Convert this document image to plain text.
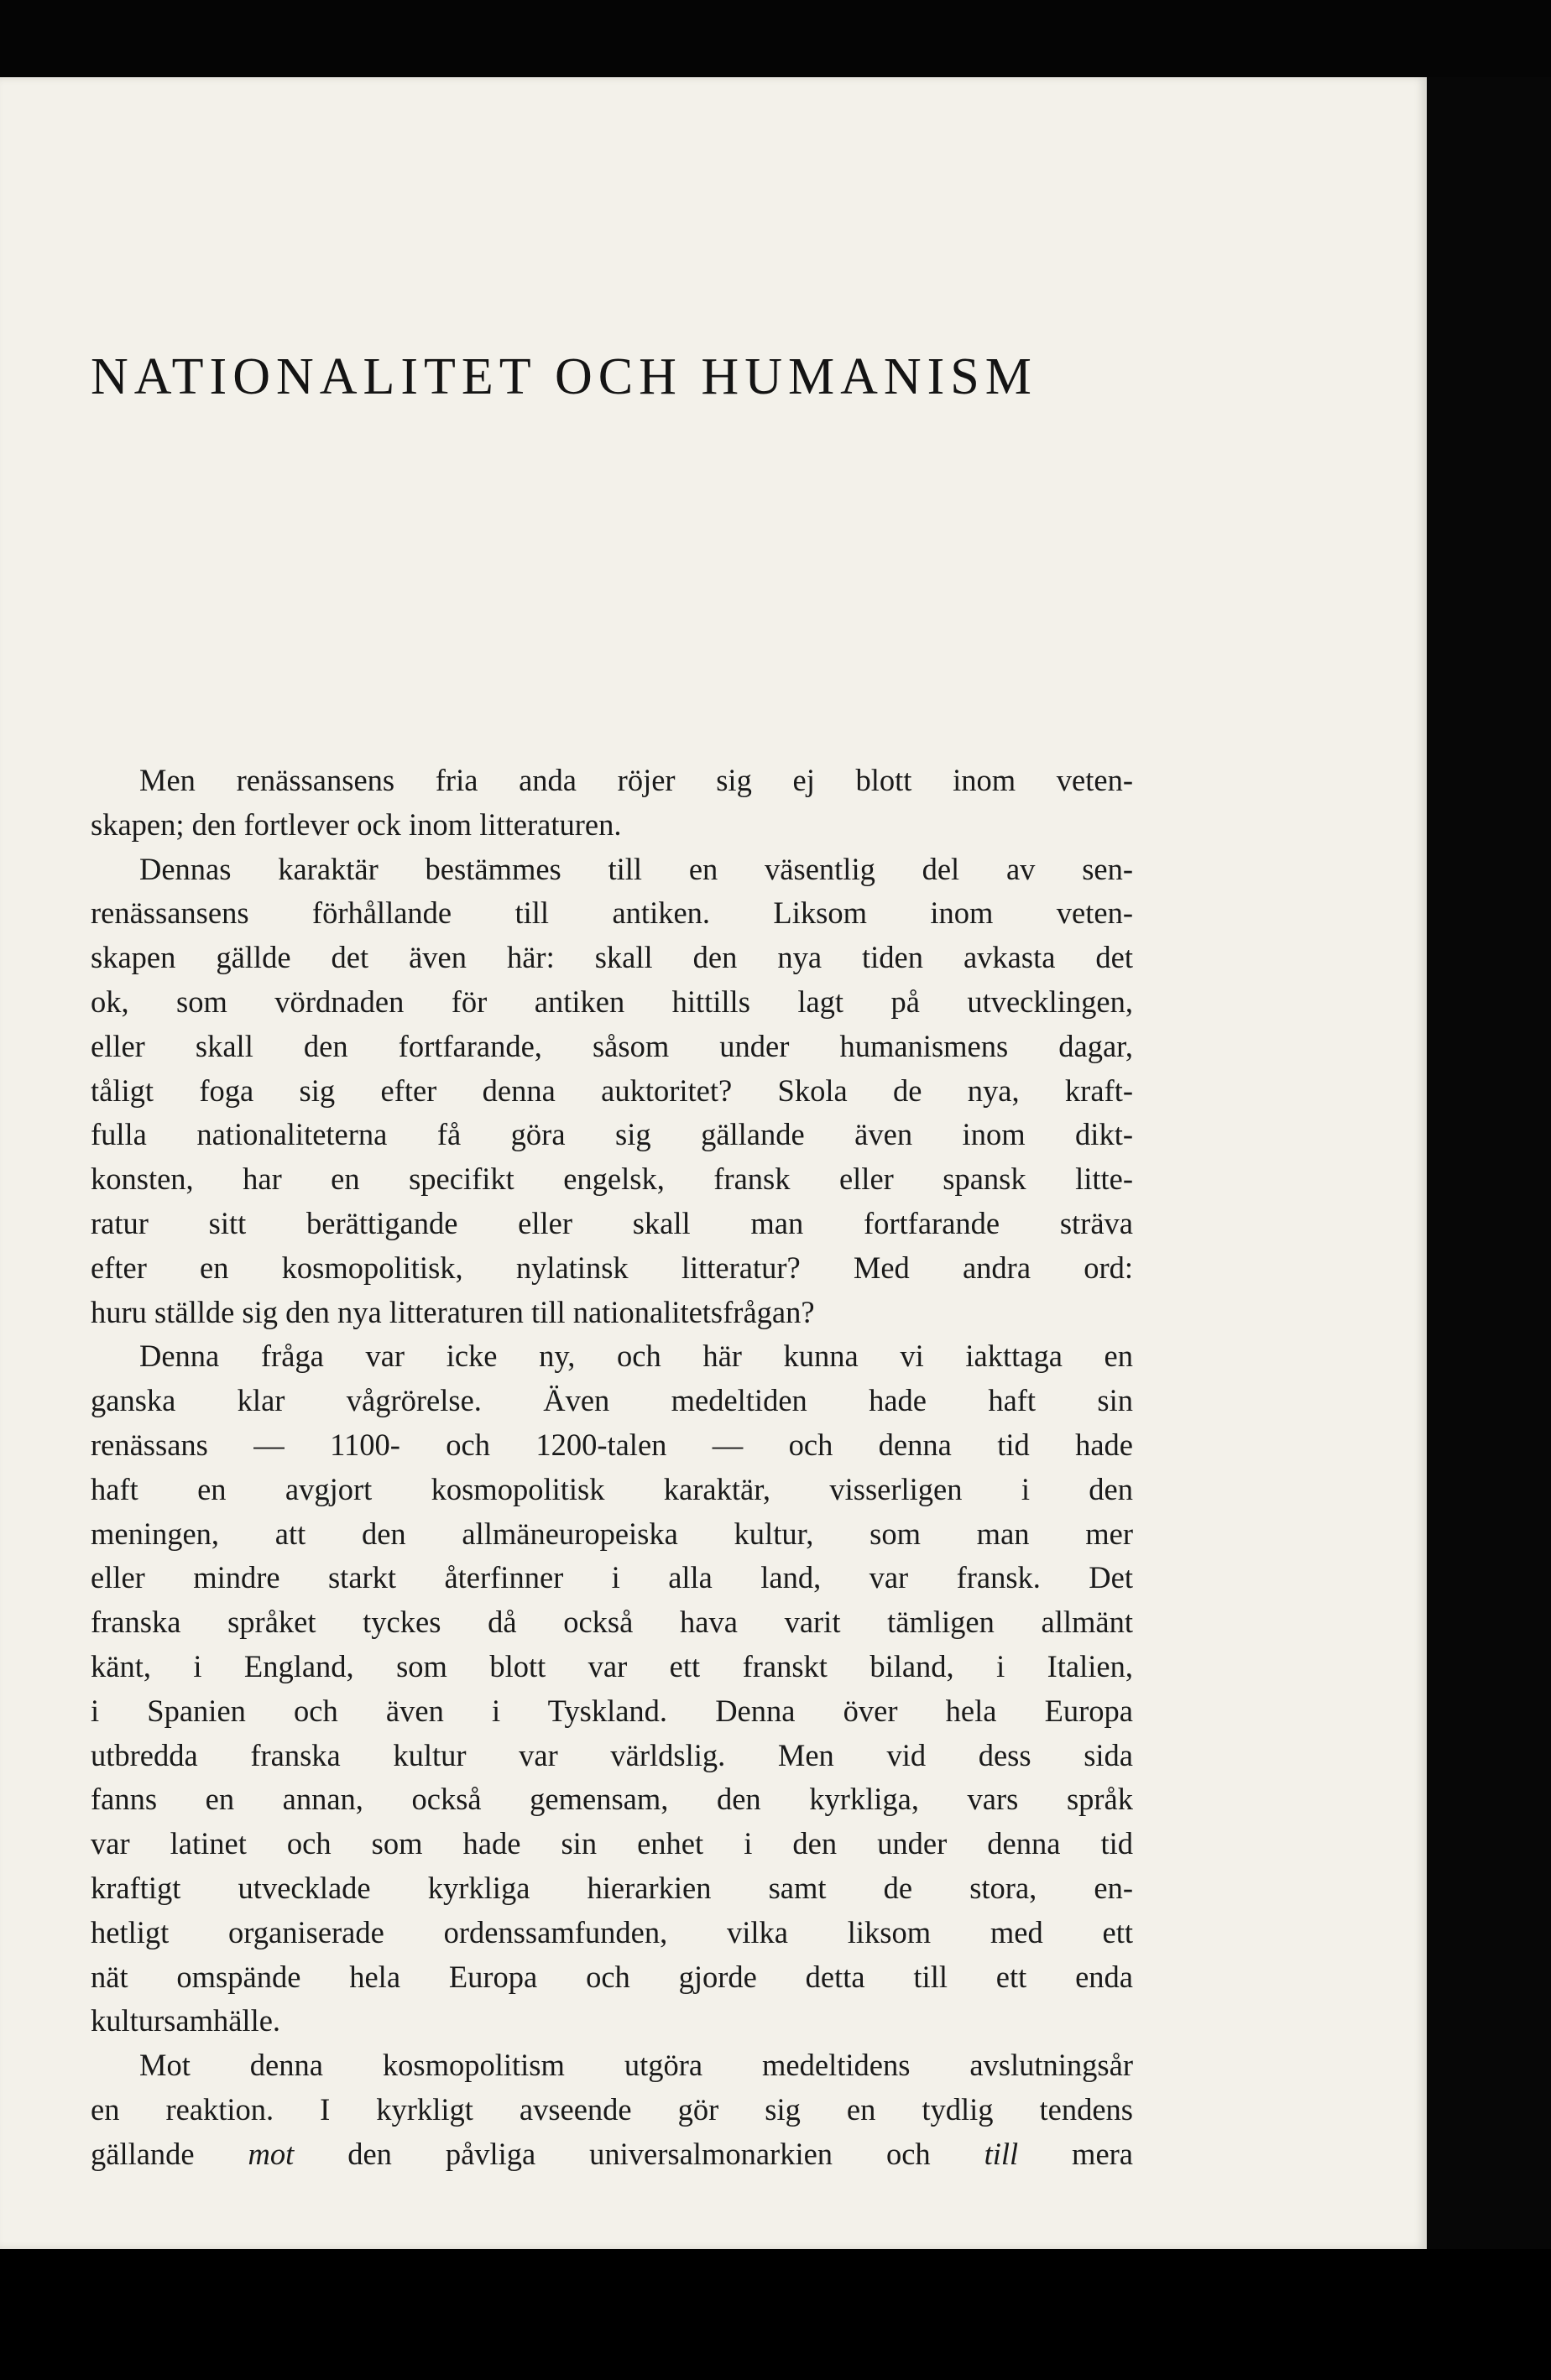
NATIONALITET OCH HUMANISM
Men renässansens fria anda röjer sig ej blott inom veten-
skapen; den fortlever ock inom litteraturen.
Dennas karaktär bestämmes till en väsentlig del av sen-
renässansens förhållande till antiken. Liksom inom veten-
skapen gällde det även här: skall den nya tiden avkasta det
ok, som vördnaden för antiken hittills lagt på utvecklingen,
eller skall den fortfarande, såsom under humanismens dagar,
tåligt foga sig efter denna auktoritet? Skola de nya, kraft-
fulla nationaliteterna få göra sig gällande även inom dikt-
konsten, har en specifikt engelsk, fransk eller spansk litte-
ratur sitt berättigande eller skall man fortfarande sträva
efter en kosmopolitisk, nylatinsk litteratur? Med andra ord:
huru ställde sig den nya litteraturen till nationalitetsfrågan?
Denna fråga var icke ny, och här kunna vi iakttaga en
ganska klar vågrörelse. Även medeltiden hade haft sin
renässans — 1100- och 1200-talen — och denna tid hade
haft en avgjort kosmopolitisk karaktär, visserligen i den
meningen, att den allmäneuropeiska kultur, som man mer
eller mindre starkt återfinner i alla land, var fransk. Det
franska språket tyckes då också hava varit tämligen allmänt
känt, i England, som blott var ett franskt biland, i Italien,
i Spanien och även i Tyskland. Denna över hela Europa
utbredda franska kultur var världslig. Men vid dess sida
fanns en annan, också gemensam, den kyrkliga, vars språk
var latinet och som hade sin enhet i den under denna tid
kraftigt utvecklade kyrkliga hierarkien samt de stora, en-
hetligt organiserade ordenssamfunden, vilka liksom med ett
nät omspände hela Europa och gjorde detta till ett enda
kultursamhälle.
Mot denna kosmopolitism utgöra medeltidens avslutningsår
en reaktion. I kyrkligt avseende gör sig en tydlig tendens
gällande mot den påvliga universalmonarkien och till mera
